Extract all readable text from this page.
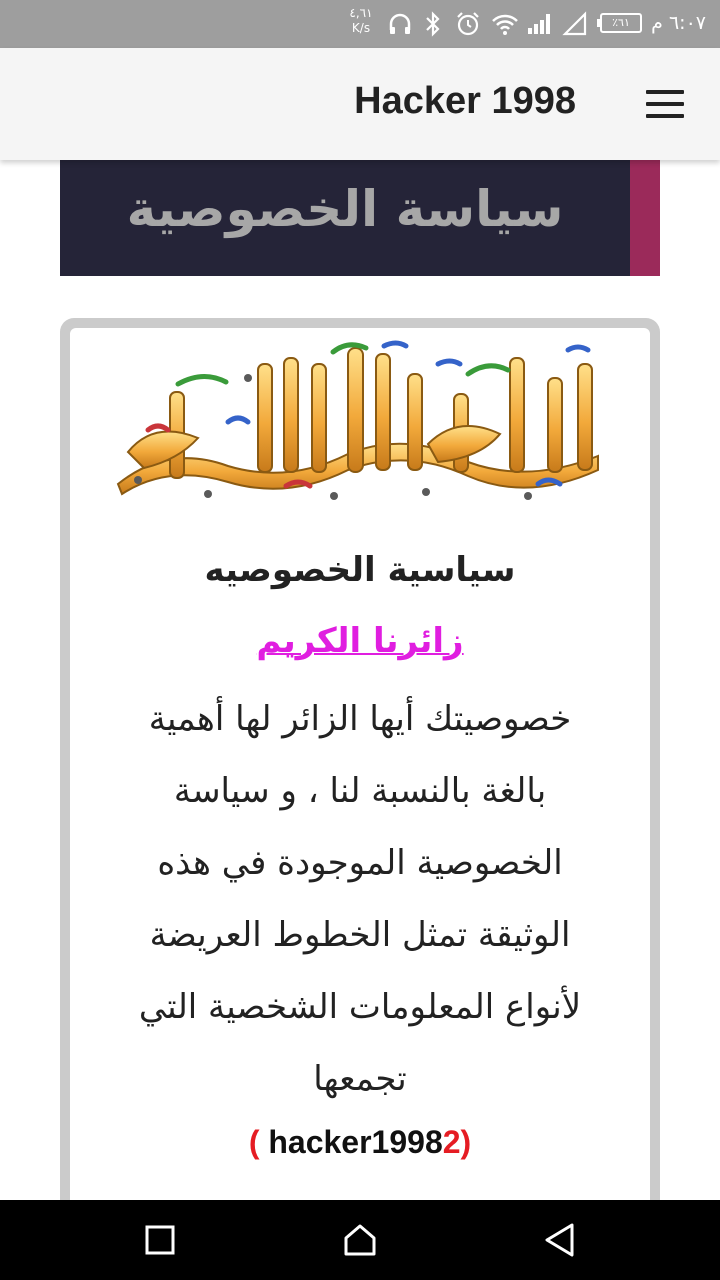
٤,٦١
K/s	٪٦١	٦:٠٧ م
Hacker 1998
سياسة الخصوصية
سياسية الخصوصيه
زائرنا الكريم
خصوصيتك أيها الزائر لها أهمية
بالغة بالنسبة لنا ، و سياسة
الخصوصية الموجودة في هذه
الوثيقة تمثل الخطوط العريضة
لأنواع المعلومات الشخصية التي
تجمعها
( hacker19982)
